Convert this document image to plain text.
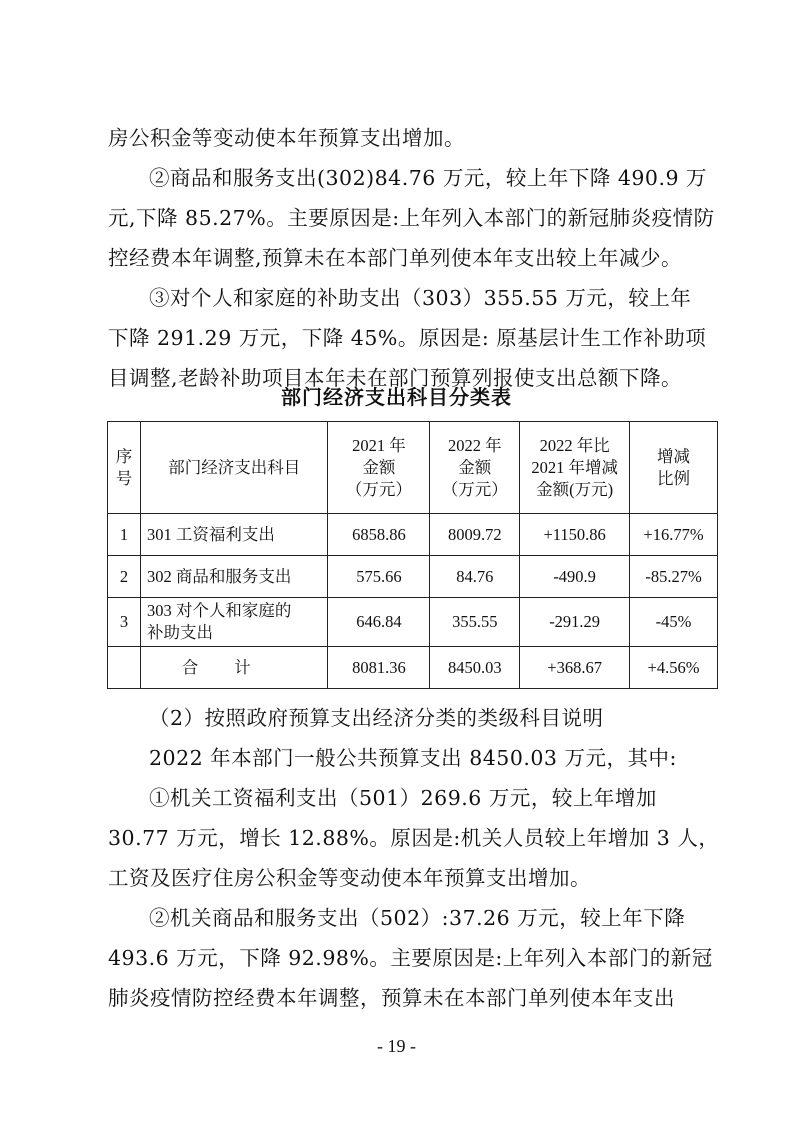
房公积金等变动使本年预算支出增加。
②商品和服务支出(302)84.76 万元，较上年下降 490.9 万
元,下降 85.27%。主要原因是:上年列入本部门的新冠肺炎疫情防
控经费本年调整,预算未在本部门单列使本年支出较上年减少。
③对个人和家庭的补助支出（303）355.55 万元，较上年
下降 291.29 万元，下降 45%。原因是: 原基层计生工作补助项
目调整,老龄补助项目本年未在部门预算列报使支出总额下降。
部门经济支出科目分类表
序
号	部门经济支出科目	2021 年
金额
（万元）	2022 年
金额
（万元）	2022 年比
2021 年增减
金额(万元)	增减
比例

1	301 工资福利支出	6858.86	8009.72	+1150.86	+16.77%
2	302 商品和服务支出	575.66	84.76	-490.9	-85.27%
3	303 对个人和家庭的
补助支出	646.84	355.55	-291.29	-45%
	合计	8081.36	8450.03	+368.67	+4.56%
（2）按照政府预算支出经济分类的类级科目说明
2022 年本部门一般公共预算支出 8450.03 万元，其中:
①机关工资福利支出（501）269.6 万元，较上年增加
30.77 万元，增长 12.88%。原因是:机关人员较上年增加 3 人，
工资及医疗住房公积金等变动使本年预算支出增加。
②机关商品和服务支出（502）:37.26 万元，较上年下降
493.6 万元，下降 92.98%。主要原因是:上年列入本部门的新冠
肺炎疫情防控经费本年调整，预算未在本部门单列使本年支出
- 19 -
